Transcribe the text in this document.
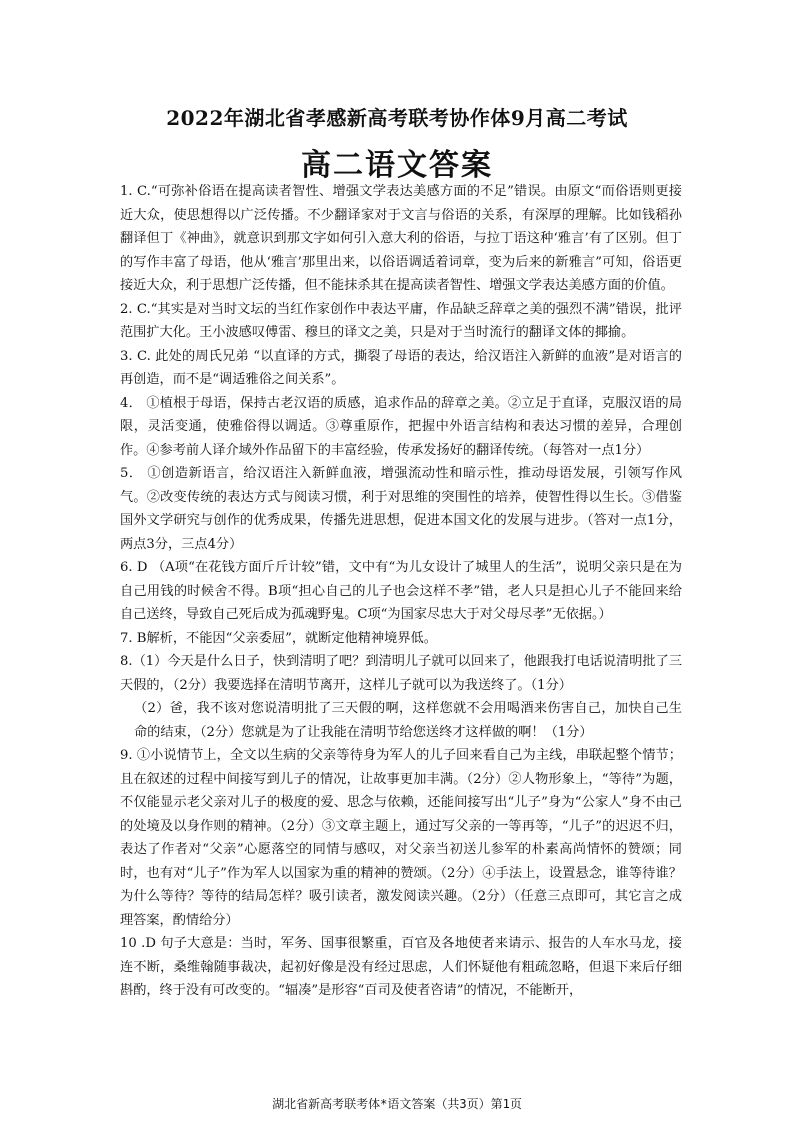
2022年湖北省孝感新高考联考协作体9月高二考试
高二语文答案

1. C.“可弥补俗语在提高读者智性、增强文学表达美感方面的不足”错误。由原文“而俗语则更接近大众，使思想得以广泛传播。不少翻译家对于文言与俗语的关系，有深厚的理解。比如钱稻孙翻译但丁《神曲》，就意识到那文字如何引入意大利的俗语，与拉丁语这种‘雅言’有了区别。但丁的写作丰富了母语，他从‘雅言’那里出来，以俗语调适着词章，变为后来的新雅言”可知，俗语更接近大众，利于思想广泛传播，但不能抹杀其在提高读者智性、增强文学表达美感方面的价值。

2. C.“其实是对当时文坛的当红作家创作中表达平庸，作品缺乏辞章之美的强烈不满”错误，批评范围扩大化。王小波感叹傅雷、穆旦的译文之美，只是对于当时流行的翻译文体的揶揄。

3. C. 此处的周氏兄弟 “以直译的方式，撕裂了母语的表达，给汉语注入新鲜的血液”是对语言的再创造，而不是“调适雅俗之间关系”。

4． ①植根于母语，保持古老汉语的质感，追求作品的辞章之美。②立足于直译，克服汉语的局限，灵活变通，使雅俗得以调适。③尊重原作，把握中外语言结构和表达习惯的差异，合理创作。④参考前人译介域外作品留下的丰富经验，传承发扬好的翻译传统。（每答对一点1分）

5． ①创造新语言，给汉语注入新鲜血液，增强流动性和暗示性，推动母语发展，引领写作风气。②改变传统的表达方式与阅读习惯，利于对思维的突围性的培养，使智性得以生长。③借鉴国外文学研究与创作的优秀成果，传播先进思想，促进本国文化的发展与进步。（答对一点1分，两点3分，三点4分）

6. D （A项“在花钱方面斤斤计较”错，文中有“为儿女设计了城里人的生活”，说明父亲只是在为自己用钱的时候舍不得。B项“担心自己的儿子也会这样不孝”错，老人只是担心儿子不能回来给自己送终，导致自己死后成为孤魂野鬼。C项“为国家尽忠大于对父母尽孝”无依据。）

7. B解析，不能因“父亲委屈”，就断定他精神境界低。

8.（1）今天是什么日子，快到清明了吧？到清明儿子就可以回来了，他跟我打电话说清明批了三天假的，（2分）我要选择在清明节离开，这样儿子就可以为我送终了。（1分）

（2）爸，我不该对您说清明批了三天假的啊，这样您就不会用喝酒来伤害自己，加快自己生命的结束，（2分）您就是为了让我能在清明节给您送终才这样做的啊！（1分）

9. ①小说情节上，全文以生病的父亲等待身为军人的儿子回来看自己为主线，串联起整个情节；且在叙述的过程中间接写到儿子的情况，让故事更加丰满。（2分）②人物形象上，“等待”为题，不仅能显示老父亲对儿子的极度的爱、思念与依赖，还能间接写出“儿子”身为“公家人”身不由己的处境及以身作则的精神。（2分）③文章主题上，通过写父亲的一等再等，“儿子”的迟迟不归，表达了作者对“父亲”心愿落空的同情与感叹，对父亲当初送儿参军的朴素高尚情怀的赞颂；同时，也有对“儿子”作为军人以国家为重的精神的赞颂。（2分）④手法上，设置悬念，谁等待谁？为什么等待？等待的结局怎样？吸引读者，激发阅读兴趣。（2分）（任意三点即可，其它言之成理答案，酌情给分）

10 .D 句子大意是：当时，军务、国事很繁重，百官及各地使者来请示、报告的人车水马龙，接连不断，桑维翰随事裁决，起初好像是没有经过思虑，人们怀疑他有粗疏忽略，但退下来后仔细斟酌，终于没有可改变的。“辐凑”是形容“百司及使者咨请”的情况，不能断开，

湖北省新高考联考体*语文答案（共3页）第1页
